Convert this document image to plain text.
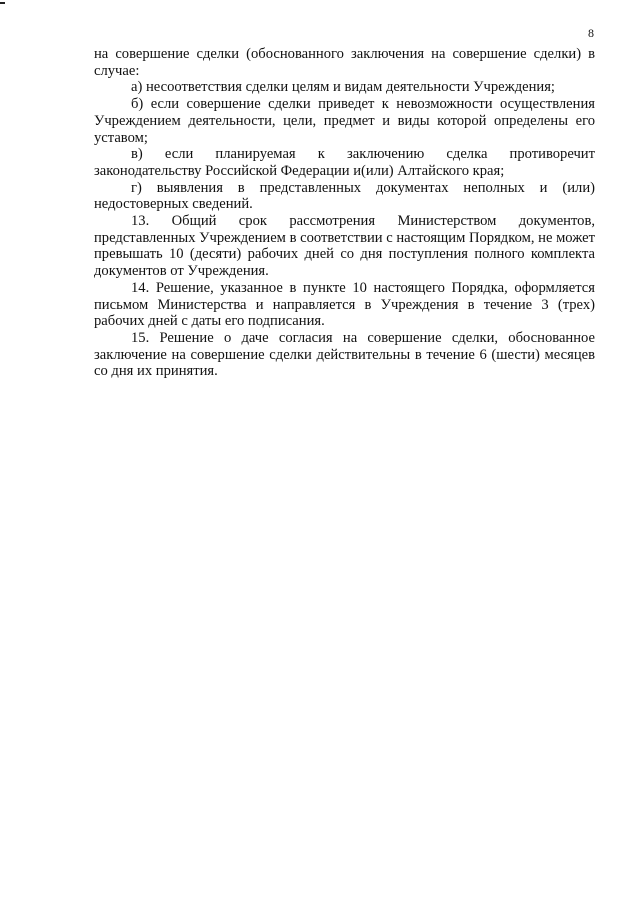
8

на совершение сделки (обоснованного заключения на совершение сделки) в случае:

а) несоответствия сделки целям и видам деятельности Учреждения;

б) если совершение сделки приведет к невозможности осуществления Учреждением деятельности, цели, предмет и виды которой определены его уставом;

в) если планируемая к заключению сделка противоречит законодательству Российской Федерации и(или) Алтайского края;

г) выявления в представленных документах неполных и (или) недостоверных сведений.

13. Общий срок рассмотрения Министерством документов, представленных Учреждением в соответствии с настоящим Порядком, не может превышать 10 (десяти) рабочих дней со дня поступления полного комплекта документов от Учреждения.

14. Решение, указанное в пункте 10 настоящего Порядка, оформляется письмом Министерства и направляется в Учреждения в течение 3 (трех) рабочих дней с даты его подписания.

15. Решение о даче согласия на совершение сделки, обоснованное заключение на совершение сделки действительны в течение 6 (шести) месяцев со дня их принятия.
